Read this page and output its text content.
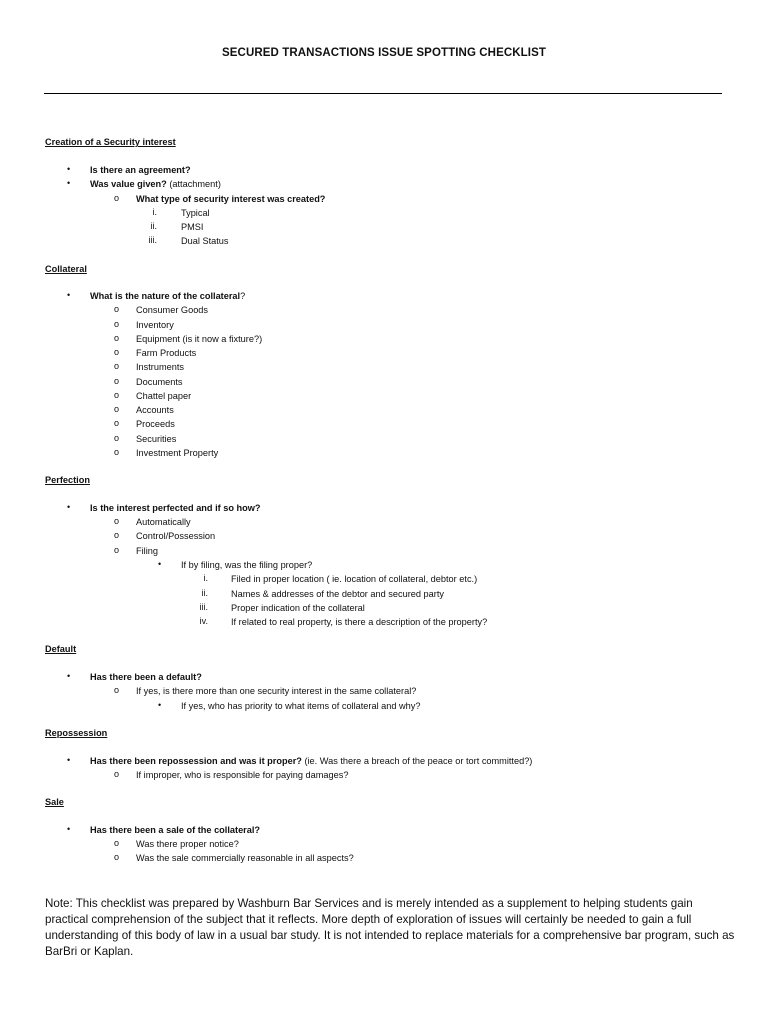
SECURED TRANSACTIONS ISSUE SPOTTING CHECKLIST
Creation of a Security interest
• Is there an agreement?
• Was value given? (attachment)
o What type of security interest was created?
i.	Typical
ii.	PMSI
iii.	Dual Status
Collateral
• What is the nature of the collateral?
o Consumer Goods
o Inventory
o Equipment (is it now a fixture?)
o Farm Products
o Instruments
o Documents
o Chattel paper
o Accounts
o Proceeds
o Securities
o Investment Property
Perfection
• Is the interest perfected and if so how?
o Automatically
o Control/Possession
o Filing
• If by filing, was the filing proper?
i.	Filed in proper location ( ie. location of collateral, debtor etc.)
ii.	Names & addresses of the debtor and secured party
iii.	Proper indication of the collateral
iv.	If related to real property, is there a description of the property?
Default
• Has there been a default?
o If yes, is there more than one security interest in the same collateral?
• If yes, who has priority to what items of collateral and why?
Repossession
• Has there been repossession and was it proper? (ie. Was there a breach of the peace or tort committed?)
o If improper, who is responsible for paying damages?
Sale
• Has there been a sale of the collateral?
o Was there proper notice?
o Was the sale commercially reasonable in all aspects?
Note: This checklist was prepared by Washburn Bar Services and is merely intended as a supplement to helping students gain practical comprehension of the subject that it reflects. More depth of exploration of issues will certainly be needed to gain a full understanding of this body of law in a usual bar study. It is not intended to replace materials for a comprehensive bar program, such as BarBri or Kaplan.
